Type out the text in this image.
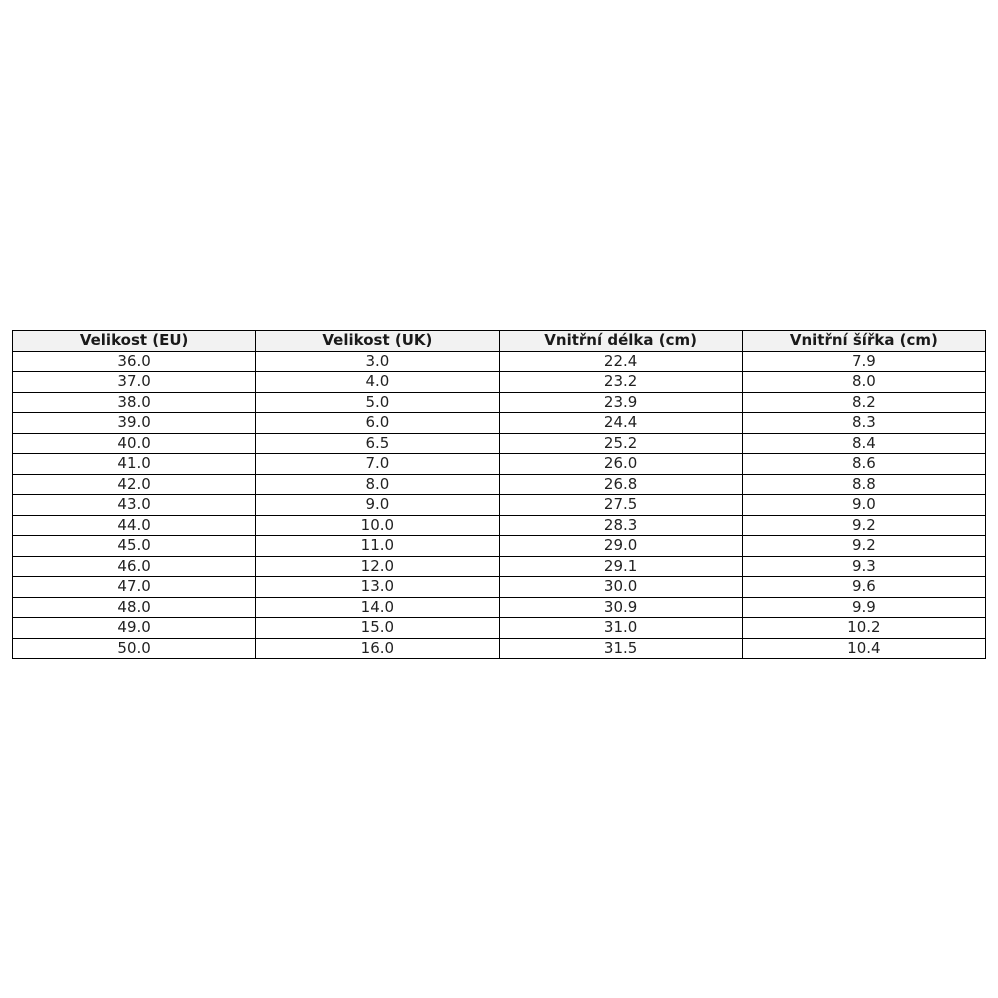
Velikost (EU)	Velikost (UK)	Vnitřní délka (cm)	Vnitřní šířka (cm)
36.0	3.0	22.4	7.9
37.0	4.0	23.2	8.0
38.0	5.0	23.9	8.2
39.0	6.0	24.4	8.3
40.0	6.5	25.2	8.4
41.0	7.0	26.0	8.6
42.0	8.0	26.8	8.8
43.0	9.0	27.5	9.0
44.0	10.0	28.3	9.2
45.0	11.0	29.0	9.2
46.0	12.0	29.1	9.3
47.0	13.0	30.0	9.6
48.0	14.0	30.9	9.9
49.0	15.0	31.0	10.2
50.0	16.0	31.5	10.4
